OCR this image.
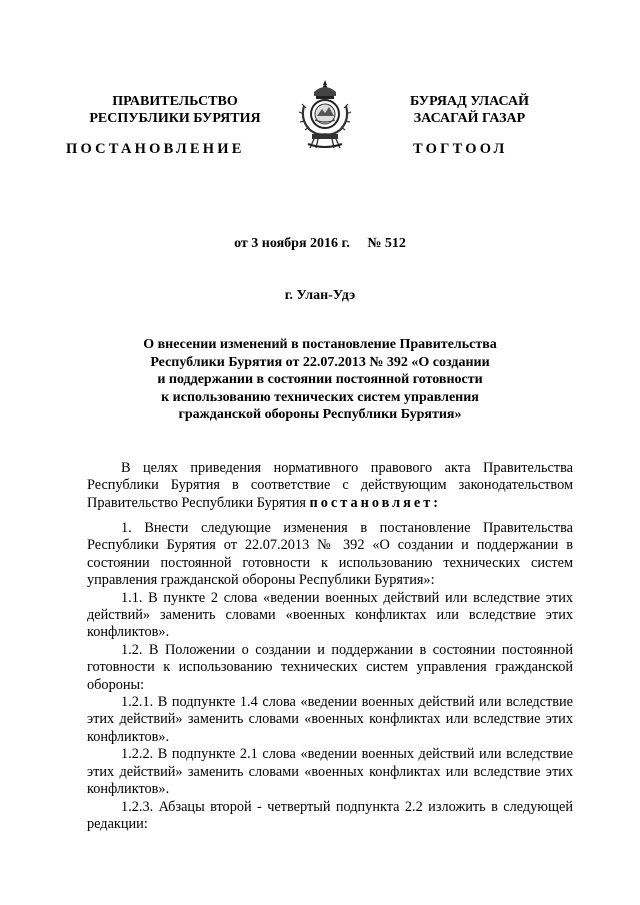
ПРАВИТЕЛЬСТВО
РЕСПУБЛИКИ БУРЯТИЯ
БУРЯАД УЛАСАЙ
ЗАСАГАЙ ГАЗАР
ПОСТАНОВЛЕНИЕ	ТОГТООЛ
от 3 ноября 2016 г.     № 512
г. Улан-Удэ
О внесении изменений в постановление Правительства
Республики Бурятия от 22.07.2013 № 392 «О создании
и поддержании в состоянии постоянной готовности
к использованию технических систем управления
гражданской обороны Республики Бурятия»

В целях приведения нормативного правового акта Правительства Республики Бурятия в соответствие с действующим законодательством Правительство Республики Бурятия постановляет:

1. Внести следующие изменения в постановление Правительства Республики Бурятия от 22.07.2013 № 392 «О создании и поддержании в состоянии постоянной готовности к использованию технических систем управления гражданской обороны Республики Бурятия»:

1.1. В пункте 2 слова «ведении военных действий или вследствие этих действий» заменить словами «военных конфликтах или вследствие этих конфликтов».

1.2. В Положении о создании и поддержании в состоянии постоянной готовности к использованию технических систем управления гражданской обороны:

1.2.1. В подпункте 1.4 слова «ведении военных действий или вследствие этих действий» заменить словами «военных конфликтах или вследствие этих конфликтов».

1.2.2. В подпункте 2.1 слова «ведении военных действий или вследствие этих действий» заменить словами «военных конфликтах или вследствие этих конфликтов».

1.2.3. Абзацы второй - четвертый подпункта 2.2 изложить в следующей редакции:
